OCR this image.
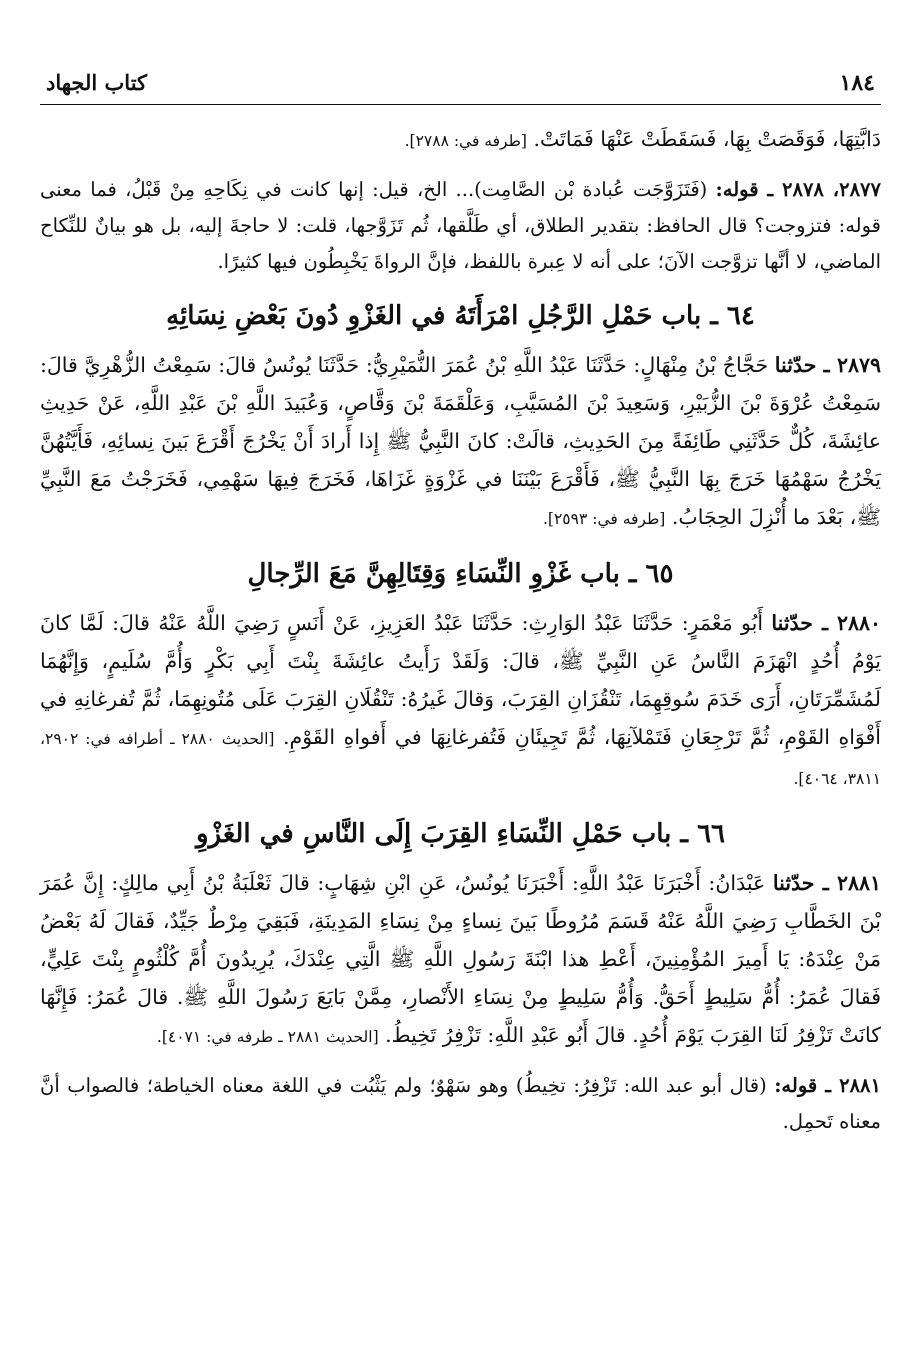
١٨٤
كتاب الجهاد

دَابَّتِهَا، فَوَقَصَتْ بِهَا، فَسَقَطَتْ عَنْهَا فَمَاتَتْ. [طرفه في: ٢٧٨٨].

٢٨٧٧، ٢٨٧٨ ـ قوله: (فَتَزَوَّجَت عُبادة بْن الصَّامِت)... الخ، قيل: إنها كانت في نِكَاحِهِ مِنْ قَبْلُ، فما معنى قوله: فتزوجت؟ قال الحافظ: بتقدير الطلاق، أي طَلَّقها، ثُم تَزَوَّجها، قلت: لا حاجةَ إليه، بل هو بيانٌ للنِّكاح الماضي، لا أنَّها تزوَّجت الآنَ؛ على أنه لا عِبرة باللفظ، فإنَّ الرواةَ يَخْبِطُون فيها كثيرًا.

٦٤ ـ باب حَمْلِ الرَّجُلِ امْرَأَتَهُ في الغَزْوِ دُونَ بَعْضِ نِسَائِهِ

٢٨٧٩ ـ حدّثنا حَجَّاجُ بْنُ مِنْهَالٍ: حَدَّثَنَا عَبْدُ اللَّهِ بْنُ عُمَرَ النُّمَيْرِيُّ: حَدَّثَنَا يُونُسُ قالَ: سَمِعْتُ الزُّهْرِيَّ قالَ: سَمِعْتُ عُرْوَةَ بْنَ الزُّبَيْرِ، وَسَعِيدَ بْنَ المُسَيَّبِ، وَعَلْقَمَةَ بْنَ وَقَّاصٍ، وَعُبَيدَ اللَّهِ بْنَ عَبْدِ اللَّهِ، عَنْ حَدِيثِ عائِشَةَ، كُلٌّ حَدَّثَنِي طَائِفَةً مِنَ الحَدِيثِ، قالَتْ: كانَ النَّبِيُّ ﷺ إِذا أَرادَ أَنْ يَخْرُجَ أَقْرَعَ بَينَ نِسائِهِ، فَأَيَّتُهُنَّ يَخْرُجُ سَهْمُهَا خَرَجَ بِهَا النَّبِيُّ ﷺ، فَأَقْرَعَ بَيْنَنَا في غَزْوَةٍ غَزَاهَا، فَخَرَجَ فِيهَا سَهْمِي، فَخَرَجْتُ مَعَ النَّبِيِّ ﷺ، بَعْدَ ما أُنْزِلَ الحِجَابُ. [طرفه في: ٢٥٩٣].

٦٥ ـ باب غَزْوِ النِّسَاءِ وَقِتَالِهِنَّ مَعَ الرِّجالِ

٢٨٨٠ ـ حدّثنا أَبُو مَعْمَرٍ: حَدَّثَنَا عَبْدُ الوَارِثِ: حَدَّثَنَا عَبْدُ العَزِيزِ، عَنْ أَنَسٍ رَضِيَ اللَّهُ عَنْهُ قالَ: لَمَّا كانَ يَوْمُ أُحُدٍ انْهَزَمَ النَّاسُ عَنِ النَّبِيِّ ﷺ، قالَ: وَلَقَدْ رَأَيتُ عائِشَةَ بِنْتَ أَبِي بَكْرٍ وَأُمَّ سُلَيمٍ، وَإِنَّهُمَا لَمُشَمِّرَتَانِ، أَرَى خَدَمَ سُوقِهِمَا، تَنْقُزَانِ القِرَبَ، وَقالَ غَيرُهُ: تَنْقُلَانِ القِرَبَ عَلَى مُتُونِهِمَا، ثُمَّ تُفرغانِهِ في أَفْوَاهِ القَوْمِ، ثُمَّ تَرْجِعَانِ فَتَمْلآنِهَا، ثُمَّ تَجِيئَانِ فَتُفرغانِهَا في أَفواهِ القَوْمِ. [الحديث ٢٨٨٠ ـ أطرافه في: ٢٩٠٢، ٣٨١١، ٤٠٦٤].

٦٦ ـ باب حَمْلِ النِّسَاءِ القِرَبَ إِلَى النَّاسِ في الغَزْوِ

٢٨٨١ ـ حدّثنا عَبْدَانُ: أَخْبَرَنَا عَبْدُ اللَّهِ: أَخْبَرَنَا يُونُسُ، عَنِ ابْنِ شِهَابٍ: قالَ ثَعْلَبَةُ بْنُ أَبِي مالِكٍ: إِنَّ عُمَرَ بْنَ الخَطَّابِ رَضِيَ اللَّهُ عَنْهُ قَسَمَ مُرُوطًا بَينَ نِساءٍ مِنْ نِسَاءِ المَدِينَةِ، فَبَقِيَ مِرْطٌ جَيِّدٌ، فَقالَ لَهُ بَعْضُ مَنْ عِنْدَهُ: يَا أَمِيرَ المُؤْمِنِينَ، أَعْطِ هذا ابْنَةَ رَسُولِ اللَّهِ ﷺ الَّتِي عِنْدَكَ، يُرِيدُونَ أُمَّ كُلْثُومٍ بِنْتَ عَلِيٍّ، فَقالَ عُمَرُ: أُمُّ سَلِيطٍ أَحَقُّ. وَأُمُّ سَلِيطٍ مِنْ نِسَاءِ الأَنْصارِ، مِمَّنْ بَايَعَ رَسُولَ اللَّهِ ﷺ. قالَ عُمَرُ: فَإِنَّهَا كانَتْ تَزْفِرُ لَنَا القِرَبَ يَوْمَ أُحُدٍ. قالَ أَبُو عَبْدِ اللَّهِ: تَزْفِرُ تَخِيطُ. [الحديث ٢٨٨١ ـ طرفه في: ٤٠٧١].

٢٨٨١ ـ قوله: (قال أبو عبد الله: تَزْفِرُ: تخِيطُ) وهو سَهْوٌ؛ ولم يَثْبُت في اللغة معناه الخياطة؛ فالصواب أنَّ معناه تَحمِل.
